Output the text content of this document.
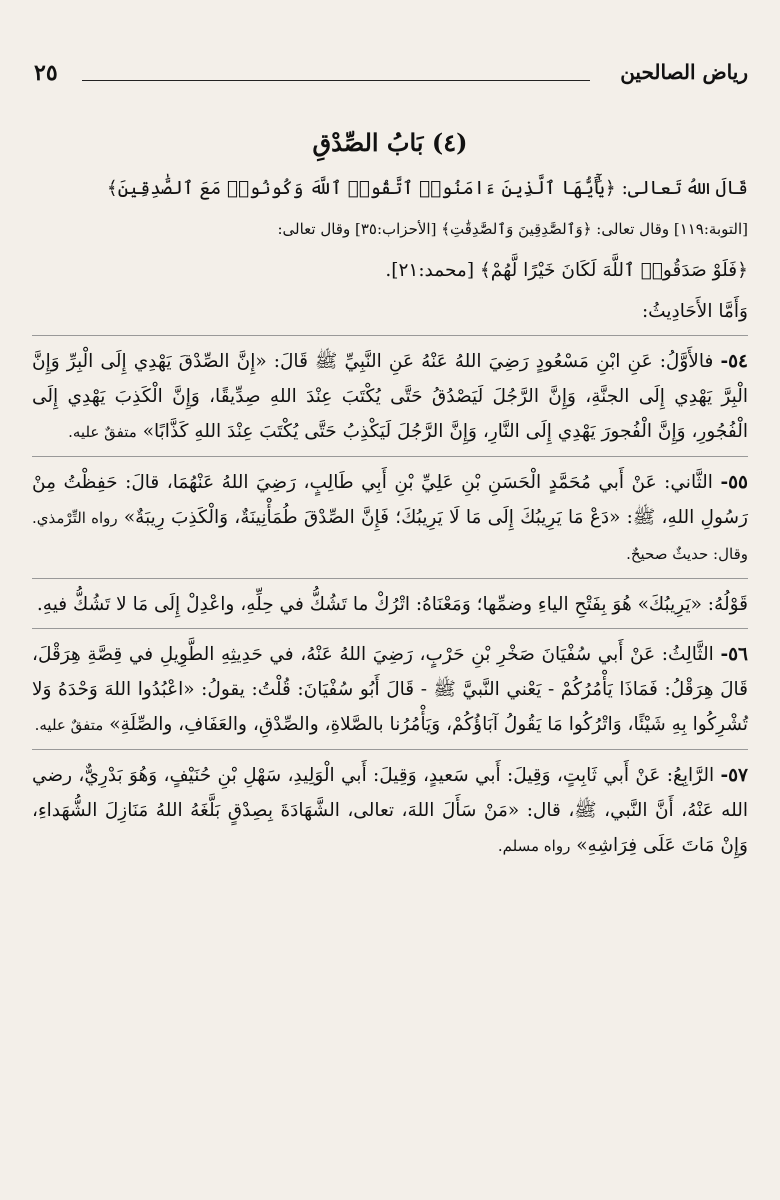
٢٥	رياض الصالحين
(٤) بَابُ الصِّدْقِ

قَالَ اللهُ تَعالى: ﴿يَٰٓأَيُّهَا ٱلَّذِينَ ءَامَنُوا۟ ٱتَّقُوا۟ ٱللَّهَ وَكُونُوا۟ مَعَ ٱلصَّٰدِقِينَ﴾

[التوبة:١١٩] وقال تعالى: ﴿وَٱلصَّٰدِقِينَ وَٱلصَّٰدِقَٰتِ﴾ [الأحزاب:٣٥] وقال تعالى:

﴿فَلَوْ صَدَقُوا۟ ٱللَّهَ لَكَانَ خَيْرًا لَّهُمْ﴾ [محمد:٢١].

وَأَمَّا الأَحَادِيثُ:

٥٤- فالأَوَّلُ: عَنِ ابْنِ مَسْعُودٍ رَضِيَ اللهُ عَنْهُ عَنِ النَّبِيِّ ﷺ قَالَ: «إِنَّ الصِّدْقَ يَهْدِي إِلَى الْبِرِّ وَإِنَّ الْبِرَّ يَهْدِي إِلَى الجنَّةِ، وَإِنَّ الرَّجُلَ لَيَصْدُقُ حَتَّى يُكْتَبَ عِنْدَ اللهِ صِدِّيقًا، وَإِنَّ الْكَذِبَ يَهْدِي إِلَى الْفُجُورِ، وَإِنَّ الْفُجورَ يَهْدِي إِلَى النَّارِ، وَإِنَّ الرَّجُلَ لَيَكْذِبُ حَتَّى يُكْتَبَ عِنْدَ اللهِ كَذَّابًا» متفقٌ عليه.

٥٥- الثَّاني: عَنْ أَبي مُحَمَّدٍ الْحَسَنِ بْنِ عَلِيِّ بْنِ أَبِي طَالِبٍ، رَضِيَ اللهُ عَنْهُمَا، قالَ: حَفِظْتُ مِنْ رَسُولِ اللهِ، ﷺ: «دَعْ مَا يَرِيبُكَ إِلَى مَا لَا يَرِيبُكَ؛ فَإِنَّ الصِّدْقَ طُمَأْنِينَةٌ، وَالْكَذِبَ رِيبَةٌ» رواه التِّرْمذي. وقال: حديثٌ صحيحٌ.

قَوْلُهُ: «يَرِيبُكَ» هُوَ بِفَتْحِ الياءِ وضمِّها؛ وَمَعْنَاهُ: اتْرُكْ ما تَشُكُّ في حِلِّهِ، واعْدِلْ إِلَى مَا لا تَشُكُّ فيهِ.

٥٦- الثَّالِثُ: عَنْ أَبي سُفْيَانَ صَخْرِ بْنِ حَرْبٍ، رَضِيَ اللهُ عَنْهُ، في حَدِيثِهِ الطَّوِيلِ في قِصَّةِ هِرَقْلَ، قَالَ هِرَقْلُ: فَمَاذَا يَأْمُرُكُمْ - يَعْني النَّبيَّ ﷺ - قَالَ أَبُو سُفْيَانَ: قُلْتُ: يقولُ: «اعْبُدُوا اللهَ وَحْدَهُ وَلا تُشْرِكُوا بِهِ شَيْئًا، وَاتْرُكُوا مَا يَقُولُ آبَاؤُكُمْ، وَيَأْمُرُنا بالصَّلاةِ، والصِّدْقِ، والعَفَافِ، والصِّلَةِ» متفقٌ عليه.

٥٧- الرَّابِعُ: عَنْ أَبي ثَابِتٍ، وَقِيلَ: أَبي سَعيدٍ، وَقِيلَ: أَبي الْوَلِيدِ، سَهْلِ بْنِ حُنَيْفٍ، وَهُوَ بَدْرِيٌّ، رضي الله عَنْهُ، أَنَّ النَّبي، ﷺ، قال: «مَنْ سَأَلَ اللهَ، تعالى، الشَّهَادَةَ بِصِدْقٍ بَلَّغَهُ اللهُ مَنَازِلَ الشُّهَداءِ، وَإِنْ مَاتَ عَلَى فِرَاشِهِ» رواه مسلم.
